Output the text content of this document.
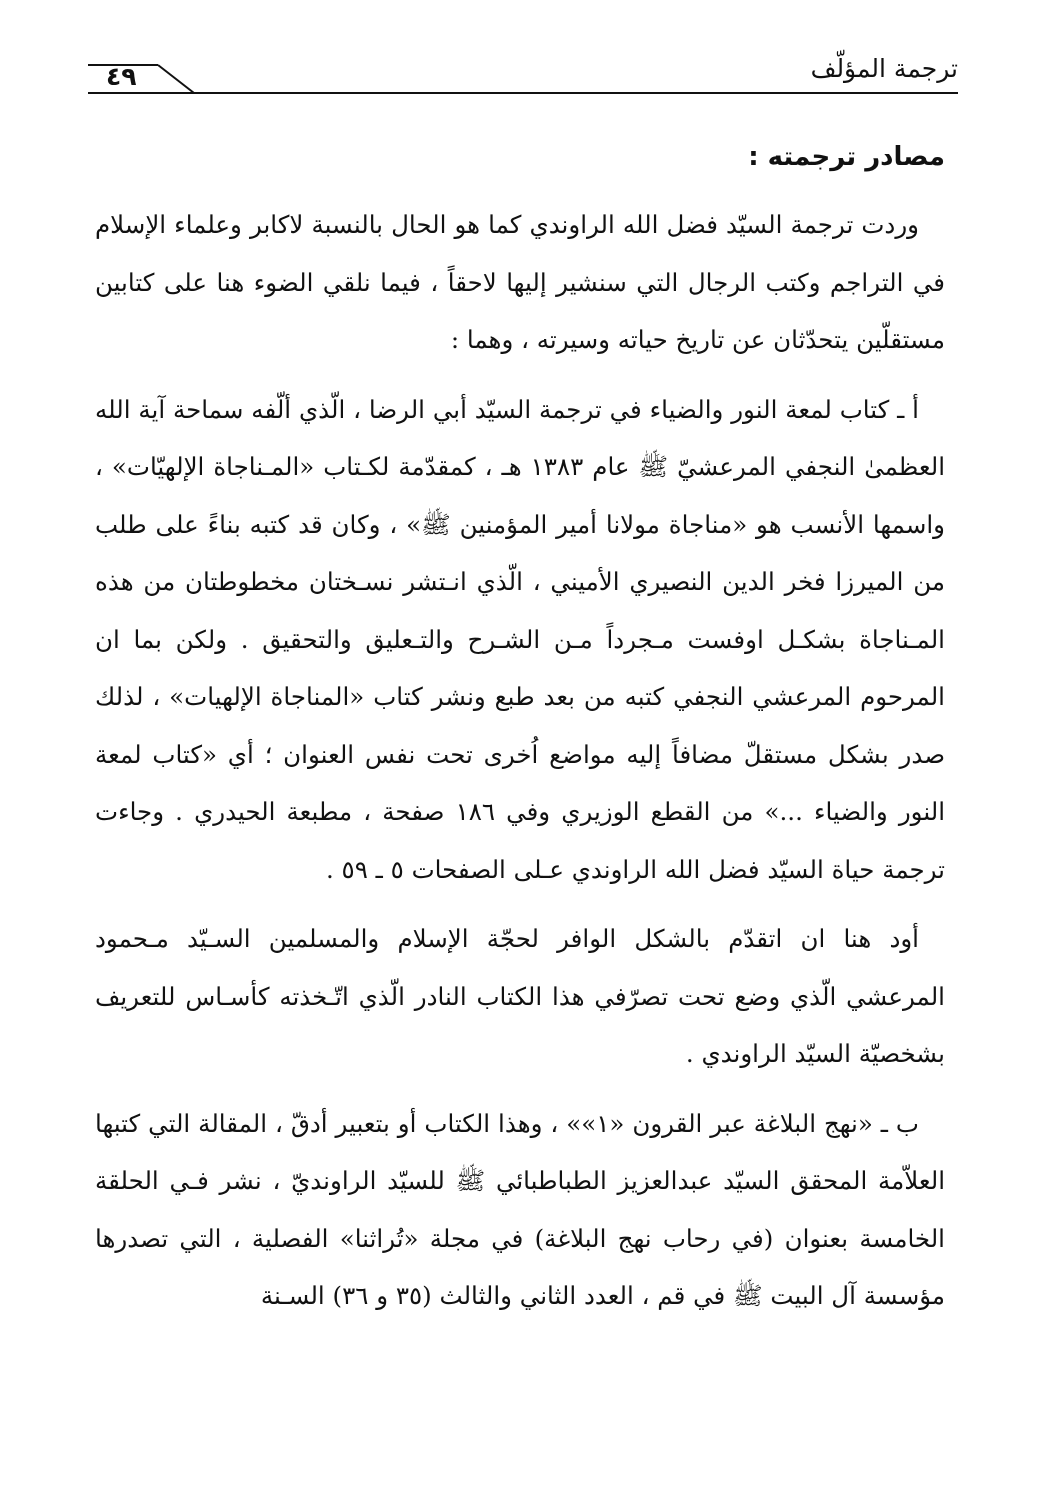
٤٩	ترجمة المؤلّف
مصادر ترجمته :

وردت ترجمة السيّد فضل الله الراوندي كما هو الحال بالنسبة لاكابر وعلماء الإسلام في التراجم وكتب الرجال التي سنشير إليها لاحقاً ، فيما نلقي الضوء هنا على كتابين مستقلّين يتحدّثان عن تاريخ حياته وسيرته ، وهما :

أ ـ كتاب لمعة النور والضياء في ترجمة السيّد أبي الرضا ، الّذي ألّفه سماحة آية الله العظمىٰ النجفي المرعشيّ ﷺ عام ١٣٨٣ هـ ، كمقدّمة لكـتاب «المـناجاة الإلهيّات» ، واسمها الأنسب هو «مناجاة مولانا أمير المؤمنين ﷺ» ، وكان قد كتبه بناءً على طلب من الميرزا فخر الدين النصيري الأميني ، الّذي انـتشر نسـختان مخطوطتان من هذه المـناجاة بشكـل اوفست مـجرداً مـن الشـرح والتـعليق والتحقيق . ولكن بما ان المرحوم المرعشي النجفي كتبه من بعد طبع ونشر كتاب «المناجاة الإلهيات» ، لذلك صدر بشكل مستقلّ مضافاً إليه مواضع اُخرى تحت نفس العنوان ؛ أي «كتاب لمعة النور والضياء ...» من القطع الوزيري وفي ١٨٦ صفحة ، مطبعة الحيدري . وجاءت ترجمة حياة السيّد فضل الله الراوندي عـلى الصفحات ٥ ـ ٥٩ .

أود هنا ان اتقدّم بالشكل الوافر لحجّة الإسلام والمسلمين السـيّد مـحمود المرعشي الّذي وضع تحت تصرّفي هذا الكتاب النادر الّذي اتّـخذته كأسـاس للتعريف بشخصيّة السيّد الراوندي .

ب ـ «نهج البلاغة عبر القرون «١»» ، وهذا الكتاب أو بتعبير أدقّ ، المقالة التي كتبها العلاّمة المحقق السيّد عبدالعزيز الطباطبائي ﷺ للسيّد الراونديّ ، نشر فـي الحلقة الخامسة بعنوان (في رحاب نهج البلاغة) في مجلة «تُراثنا» الفصلية ، التي تصدرها مؤسسة آل البيت ﷺ في قم ، العدد الثاني والثالث (٣٥ و ٣٦) السـنة
